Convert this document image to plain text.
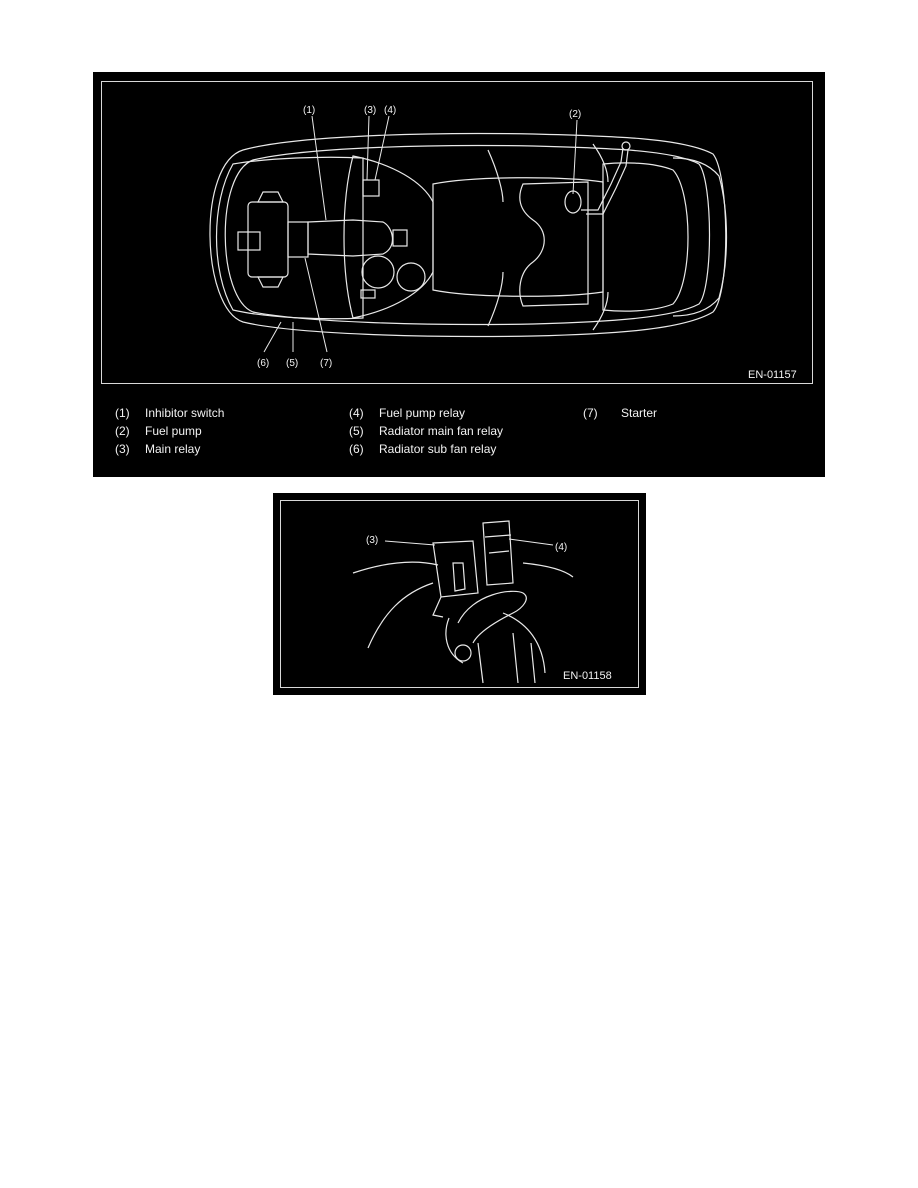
(1)	(3) (4)	(2)
(6) (5) (7)
EN-01157
(1) Inhibitor switch
(2) Fuel pump
(3) Main relay
(4) Fuel pump relay
(5) Radiator main fan relay
(6) Radiator sub fan relay
(7) Starter
(3)
(4)
EN-01158
